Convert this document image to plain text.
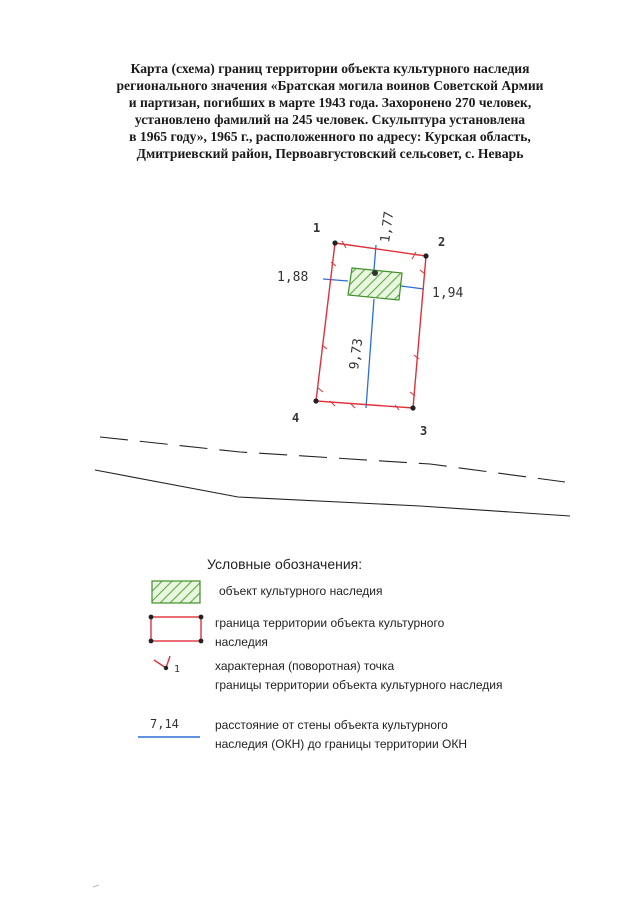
Карта (схема) границ территории объекта культурного наследия
регионального значения «Братская могила воинов Советской Армии
и партизан, погибших в марте 1943 года. Захоронено 270 человек,
установлено фамилий на 245 человек. Скульптура установлена
в 1965 году», 1965 г., расположенного по адресу: Курская область,
Дмитриевский район, Первоавгустовский сельсовет, с. Неварь
1
2
3
4
1,77
1,88
1,94
9,73
1
7,14
Условные обозначения:
объект культурного наследия
граница территории объекта культурного
наследия
характерная (поворотная) точка
границы территории объекта культурного наследия
расстояние от стены объекта культурного
наследия (ОКН) до границы территории ОКН
